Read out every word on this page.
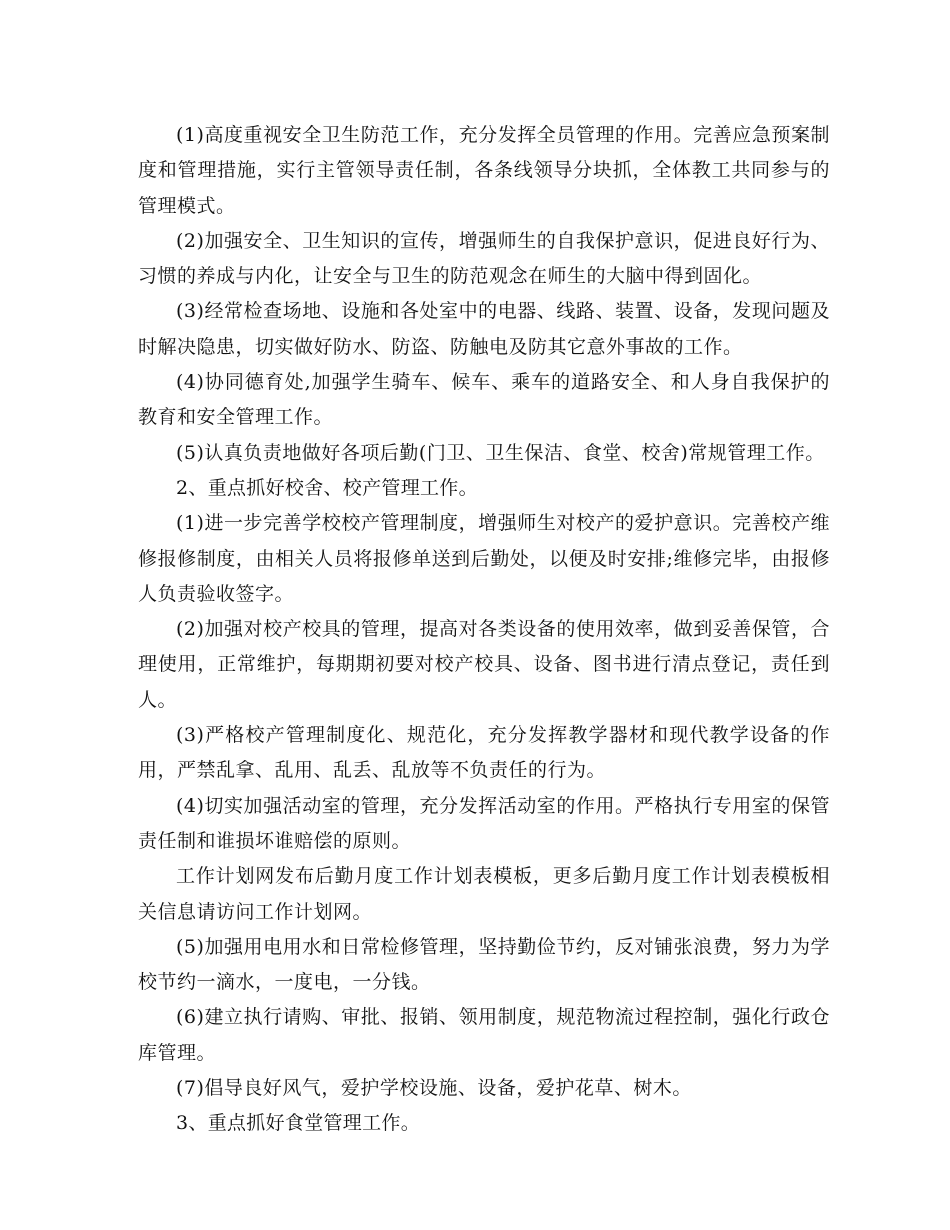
(1)高度重视安全卫生防范工作，充分发挥全员管理的作用。完善应急预案制度和管理措施，实行主管领导责任制，各条线领导分块抓，全体教工共同参与的管理模式。

(2)加强安全、卫生知识的宣传，增强师生的自我保护意识，促进良好行为、习惯的养成与内化，让安全与卫生的防范观念在师生的大脑中得到固化。

(3)经常检查场地、设施和各处室中的电器、线路、装置、设备，发现问题及时解决隐患，切实做好防水、防盗、防触电及防其它意外事故的工作。

(4)协同德育处,加强学生骑车、候车、乘车的道路安全、和人身自我保护的教育和安全管理工作。

(5)认真负责地做好各项后勤(门卫、卫生保洁、食堂、校舍)常规管理工作。

2、重点抓好校舍、校产管理工作。

(1)进一步完善学校校产管理制度，增强师生对校产的爱护意识。完善校产维修报修制度，由相关人员将报修单送到后勤处，以便及时安排;维修完毕，由报修人负责验收签字。

(2)加强对校产校具的管理，提高对各类设备的使用效率，做到妥善保管，合理使用，正常维护，每期期初要对校产校具、设备、图书进行清点登记，责任到人。

(3)严格校产管理制度化、规范化，充分发挥教学器材和现代教学设备的作用，严禁乱拿、乱用、乱丢、乱放等不负责任的行为。

(4)切实加强活动室的管理，充分发挥活动室的作用。严格执行专用室的保管责任制和谁损坏谁赔偿的原则。

工作计划网发布后勤月度工作计划表模板，更多后勤月度工作计划表模板相关信息请访问工作计划网。

(5)加强用电用水和日常检修管理，坚持勤俭节约，反对铺张浪费，努力为学校节约一滴水，一度电，一分钱。

(6)建立执行请购、审批、报销、领用制度，规范物流过程控制，强化行政仓库管理。

(7)倡导良好风气，爱护学校设施、设备，爱护花草、树木。

3、重点抓好食堂管理工作。
